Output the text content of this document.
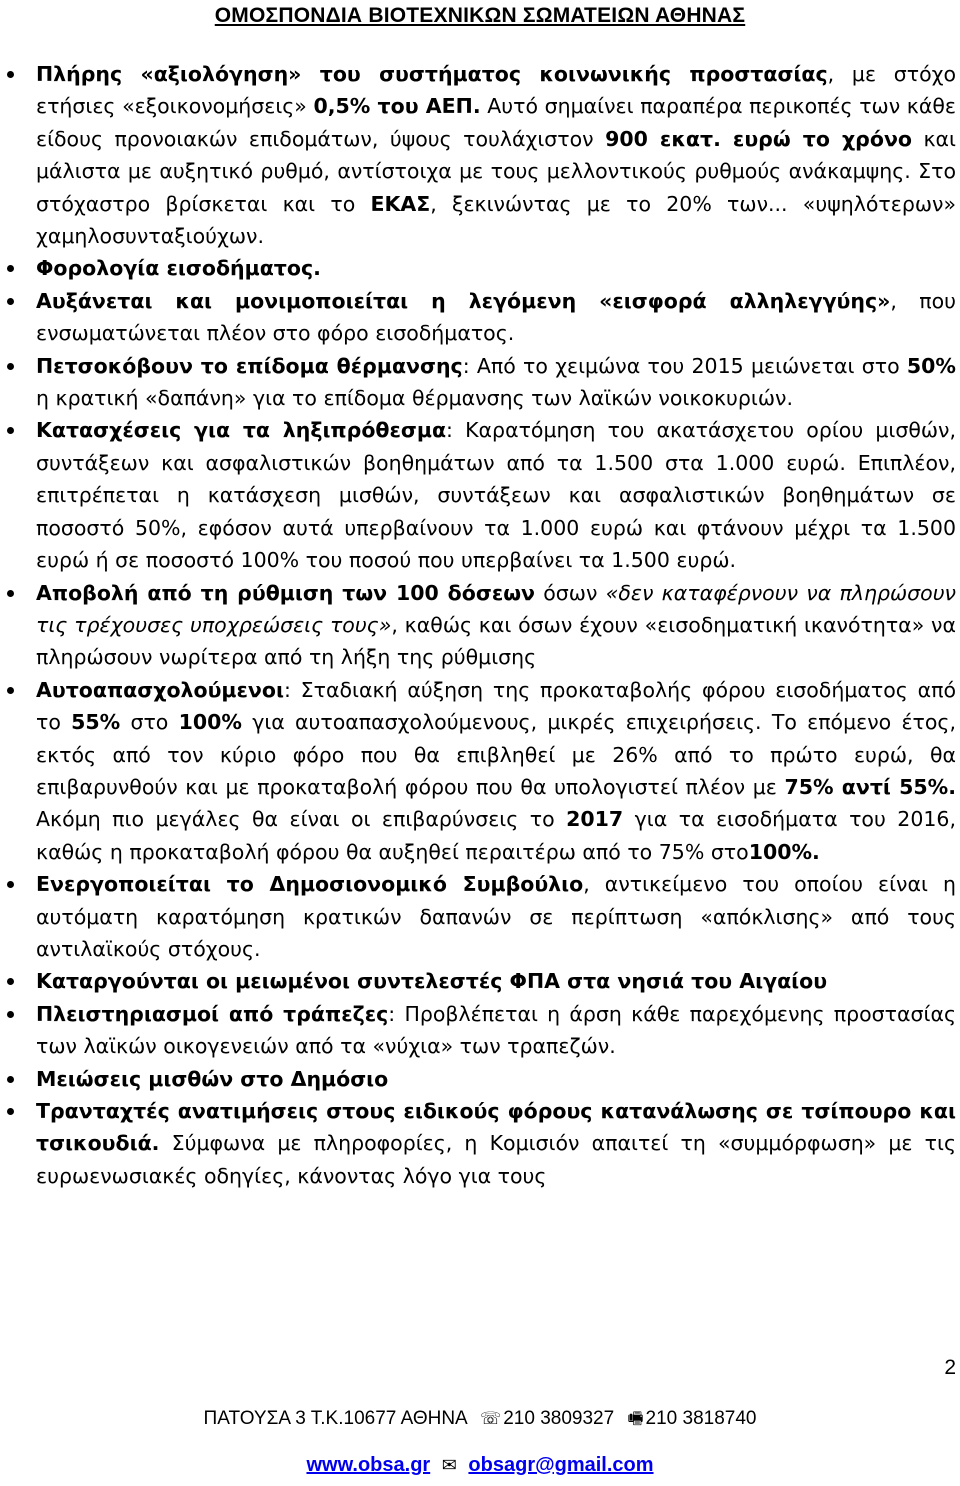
ΟΜΟΣΠΟΝΔΙΑ ΒΙΟΤΕΧΝΙΚΩΝ ΣΩΜΑΤΕΙΩΝ ΑΘΗΝΑΣ
Πλήρης «αξιολόγηση» του συστήματος κοινωνικής προστασίας, με στόχο ετήσιες «εξοικονομήσεις» 0,5% του ΑΕΠ. Αυτό σημαίνει παραπέρα περικοπές των κάθε είδους προνοιακών επιδομάτων, ύψους τουλάχιστον 900 εκατ. ευρώ το χρόνο και μάλιστα με αυξητικό ρυθμό, αντίστοιχα με τους μελλοντικούς ρυθμούς ανάκαμψης. Στο στόχαστρο βρίσκεται και το ΕΚΑΣ, ξεκινώντας με το 20% των... «υψηλότερων» χαμηλοσυνταξιούχων.
Φορολογία εισοδήματος.
Αυξάνεται και μονιμοποιείται η λεγόμενη «εισφορά αλληλεγγύης», που ενσωματώνεται πλέον στο φόρο εισοδήματος.
Πετσοκόβουν το επίδομα θέρμανσης: Από το χειμώνα του 2015 μειώνεται στο 50% η κρατική «δαπάνη» για το επίδομα θέρμανσης των λαϊκών νοικοκυριών.
Κατασχέσεις για τα ληξιπρόθεσμα: Καρατόμηση του ακατάσχετου ορίου μισθών, συντάξεων και ασφαλιστικών βοηθημάτων από τα 1.500 στα 1.000 ευρώ. Επιπλέον, επιτρέπεται η κατάσχεση μισθών, συντάξεων και ασφαλιστικών βοηθημάτων σε ποσοστό 50%, εφόσον αυτά υπερβαίνουν τα 1.000 ευρώ και φτάνουν μέχρι τα 1.500 ευρώ ή σε ποσοστό 100% του ποσού που υπερβαίνει τα 1.500 ευρώ.
Αποβολή από τη ρύθμιση των 100 δόσεων όσων «δεν καταφέρνουν να πληρώσουν τις τρέχουσες υποχρεώσεις τους», καθώς και όσων έχουν «εισοδηματική ικανότητα» να πληρώσουν νωρίτερα από τη λήξη της ρύθμισης
Αυτοαπασχολούμενοι: Σταδιακή αύξηση της προκαταβολής φόρου εισοδήματος από το 55% στο 100% για αυτοαπασχολούμενους, μικρές επιχειρήσεις. Το επόμενο έτος, εκτός από τον κύριο φόρο που θα επιβληθεί με 26% από το πρώτο ευρώ, θα επιβαρυνθούν και με προκαταβολή φόρου που θα υπολογιστεί πλέον με 75% αντί 55%. Ακόμη πιο μεγάλες θα είναι οι επιβαρύνσεις το 2017 για τα εισοδήματα του 2016, καθώς η προκαταβολή φόρου θα αυξηθεί περαιτέρω από το 75% στο100%.
Ενεργοποιείται το Δημοσιονομικό Συμβούλιο, αντικείμενο του οποίου είναι η αυτόματη καρατόμηση κρατικών δαπανών σε περίπτωση «απόκλισης» από τους αντιλαϊκούς στόχους.
Καταργούνται οι μειωμένοι συντελεστές ΦΠΑ στα νησιά του Αιγαίου
Πλειστηριασμοί από τράπεζες: Προβλέπεται η άρση κάθε παρεχόμενης προστασίας των λαϊκών οικογενειών από τα «νύχια» των τραπεζών.
Μειώσεις μισθών στο Δημόσιο
Τρανταχτές ανατιμήσεις στους ειδικούς φόρους κατανάλωσης σε τσίπουρο και τσικουδιά. Σύμφωνα με πληροφορίες, η Κομισιόν απαιτεί τη «συμμόρφωση» με τις ευρωενωσιακές οδηγίες, κάνοντας λόγο για τους
2
ΠΑΤΟΥΣΑ 3 Τ.Κ.10677 ΑΘΗΝΑ ☏ 210 3809327 🖷 210 3818740
www.obsa.gr ✉ obsagr@gmail.com
